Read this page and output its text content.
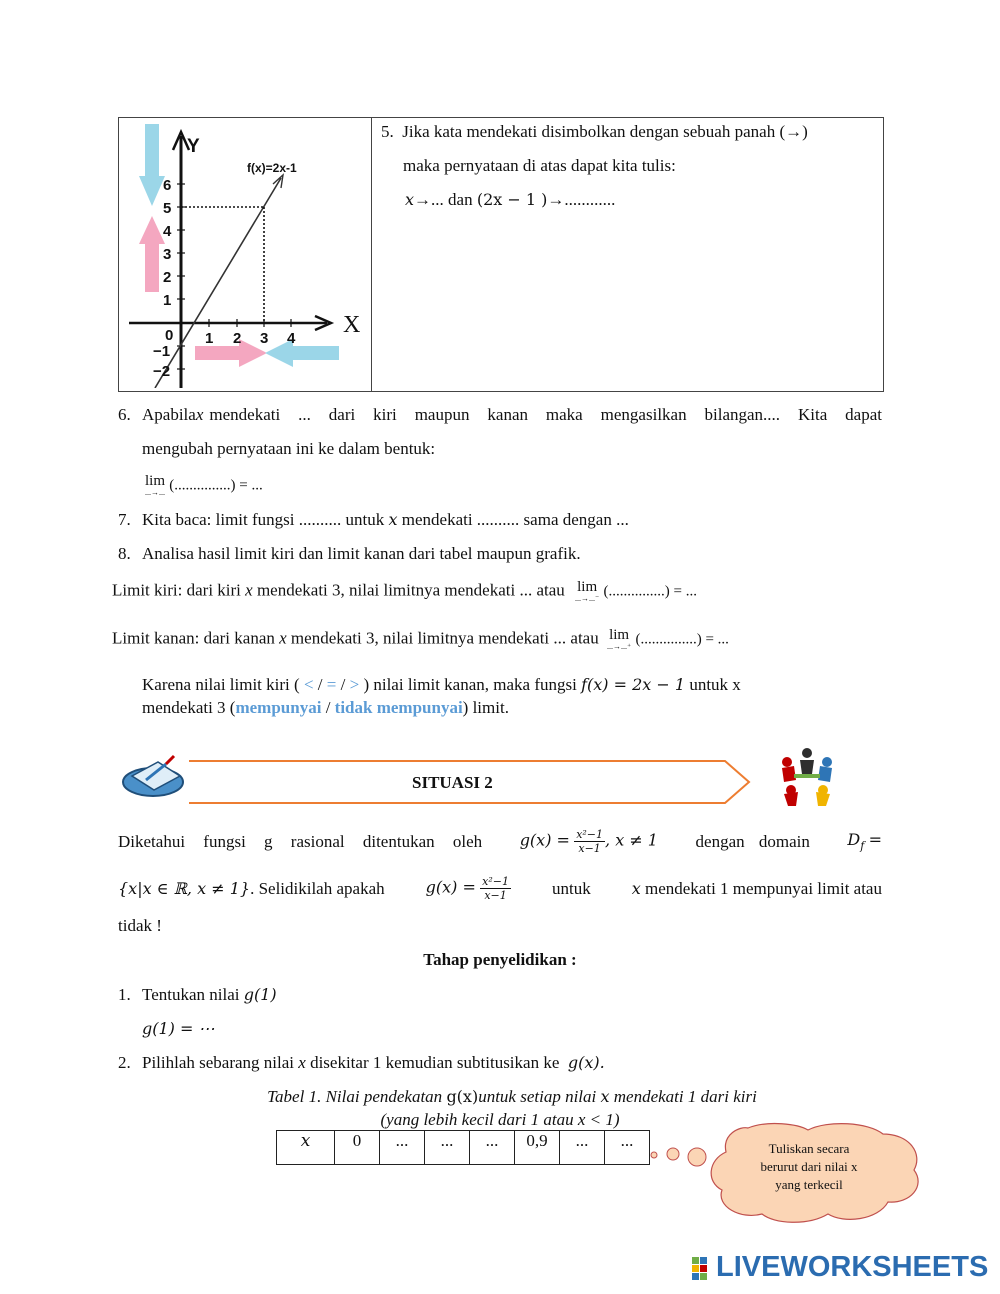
Y
X
f(x)=2x-1
6
5
4
3
2
1
0
−1
−2
1 2 3 4
5. Jika kata mendekati disimbolkan dengan sebuah panah (→)
maka pernyataan di atas dapat kita tulis:
x→... dan (2x − 1 )→............
6. Apabila x mendekati ... dari kiri maupun kanan maka mengasilkan bilangan.... Kita dapat
mengubah pernyataan ini ke dalam bentuk:
lim
...→... (...............) = ...
7. Kita baca: limit fungsi .......... untuk x mendekati .......... sama dengan ...
8. Analisa hasil limit kiri dan limit kanan dari tabel maupun grafik.
Limit kiri: dari kiri x mendekati 3, nilai limitnya mendekati ... atau lim
...→...⁻ (...............) = ...
Limit kanan: dari kanan x mendekati 3, nilai limitnya mendekati ... atau lim
...→...⁺ (...............) = ...
Karena nilai limit kiri ( < / = / > ) nilai limit kanan, maka fungsi f(x) = 2x − 1 untuk x
mendekati 3 (mempunyai / tidak mempunyai) limit.
SITUASI 2
Diketahui fungsi g rasional ditentukan oleh $g(x) = \frac{\text{x²−1}}{x-1}$ , x ≠ 1 dengan domain $D_f$ =
{x|x ∈ ℝ, x ≠ 1}. Selidikilah apakah	$g(x) = \frac{\text{x²−1}}{x-1}$ untuk	x mendekati 1 mempunyai limit atau
tidak !
Tahap penyelidikan :
1. Tentukan nilai g(1)
g(1) = ⋯
2. Pilihlah sebarang nilai x disekitar 1 kemudian subtitusikan ke g(x).
Tabel 1. Nilai pendekatan g(x)untuk setiap nilai x mendekati 1 dari kiri
(yang lebih kecil dari 1 atau x < 1)
x	0	...	...	...	0,9	...	...	Tuliskan secara berurut dari nilai x yang terkecil
LIVEWORKSHEETS
